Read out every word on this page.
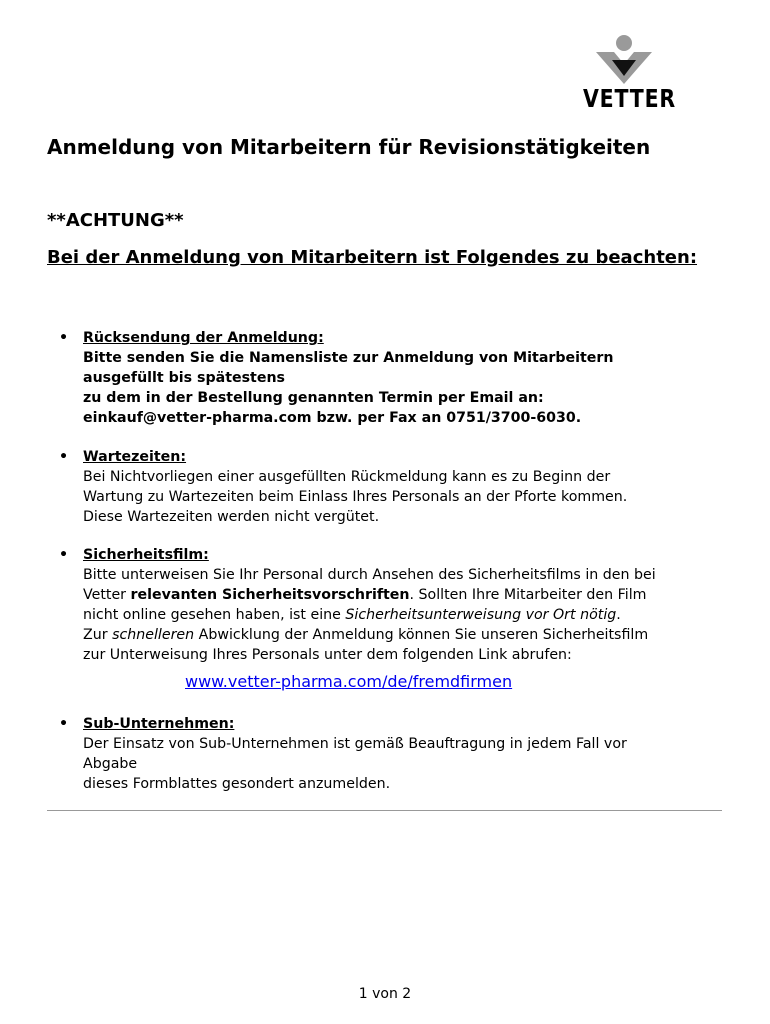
VETTER
Anmeldung von Mitarbeitern für Revisionstätigkeiten
**ACHTUNG**
Bei der Anmeldung von Mitarbeitern ist Folgendes zu beachten:
• Rücksendung der Anmeldung:
Bitte senden Sie die Namensliste zur Anmeldung von Mitarbeitern
ausgefüllt bis spätestens
zu dem in der Bestellung genannten Termin per Email an:
einkauf@vetter-pharma.com bzw. per Fax an 0751/3700-6030.
• Wartezeiten:
Bei Nichtvorliegen einer ausgefüllten Rückmeldung kann es zu Beginn der
Wartung zu Wartezeiten beim Einlass Ihres Personals an der Pforte kommen.
Diese Wartezeiten werden nicht vergütet.
• Sicherheitsfilm:
Bitte unterweisen Sie Ihr Personal durch Ansehen des Sicherheitsfilms in den bei
Vetter relevanten Sicherheitsvorschriften. Sollten Ihre Mitarbeiter den Film
nicht online gesehen haben, ist eine Sicherheitsunterweisung vor Ort nötig.
Zur schnelleren Abwicklung der Anmeldung können Sie unseren Sicherheitsfilm
zur Unterweisung Ihres Personals unter dem folgenden Link abrufen:
• Sub-Unternehmen:
Der Einsatz von Sub-Unternehmen ist gemäß Beauftragung in jedem Fall vor
Abgabe
dieses Formblattes gesondert anzumelden.
www.vetter-pharma.com/de/fremdfirmen
1 von 2
